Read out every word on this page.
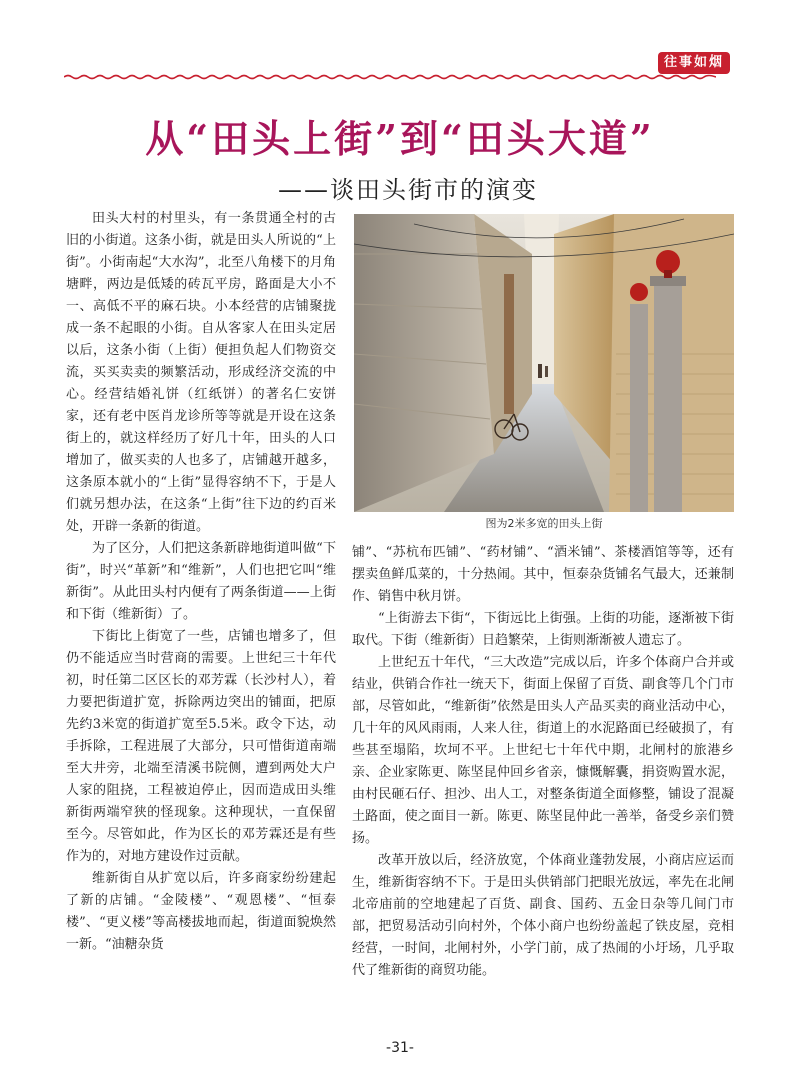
往事如烟
从“田头上街”到“田头大道”
——谈田头街市的演变

田头大村的村里头，有一条贯通全村的古旧的小街道。这条小街，就是田头人所说的“上街”。小街南起“大水沟”，北至八角楼下的月角塘畔，两边是低矮的砖瓦平房，路面是大小不一、高低不平的麻石块。小本经营的店铺聚拢成一条不起眼的小街。自从客家人在田头定居以后，这条小街（上街）便担负起人们物资交流，买买卖卖的频繁活动，形成经济交流的中心。经营结婚礼饼（红纸饼）的著名仁安饼家，还有老中医肖龙诊所等等就是开设在这条街上的，就这样经历了好几十年，田头的人口增加了，做买卖的人也多了，店铺越开越多，这条原本就小的“上街”显得容纳不下，于是人们就另想办法，在这条“上街”往下边的约百米处，开辟一条新的街道。

为了区分，人们把这条新辟地街道叫做“下街”，时兴“革新”和“维新”，人们也把它叫“维新街”。从此田头村内便有了两条街道——上街和下街（维新街）了。

下街比上街宽了一些，店铺也增多了，但仍不能适应当时营商的需要。上世纪三十年代初，时任第二区区长的邓芳霖（长沙村人），着力要把街道扩宽，拆除两边突出的铺面，把原先约3米宽的街道扩宽至5.5米。政令下达，动手拆除，工程进展了大部分，只可惜街道南端至大井旁，北端至清溪书院侧，遭到两处大户人家的阻挠，工程被迫停止，因而造成田头维新街两端窄狭的怪现象。这种现状，一直保留至今。尽管如此，作为区长的邓芳霖还是有些作为的，对地方建设作过贡献。

维新街自从扩宽以后，许多商家纷纷建起了新的店铺。“金陵楼”、“观恩楼”、“恒泰楼”、“更义楼”等高楼拔地而起，街道面貌焕然一新。“油糖杂货

图为2米多宽的田头上街

铺”、“苏杭布匹铺”、“药材铺”、“酒米铺”、茶楼酒馆等等，还有摆卖鱼鲜瓜菜的，十分热闹。其中，恒泰杂货铺名气最大，还兼制作、销售中秋月饼。

“上街游去下街“，下街远比上街强。上街的功能，逐渐被下街取代。下街（维新街）日趋繁荣，上街则渐渐被人遗忘了。

上世纪五十年代，“三大改造”完成以后，许多个体商户合并或结业，供销合作社一统天下，街面上保留了百货、副食等几个门市部，尽管如此，“维新街”依然是田头人产品买卖的商业活动中心，几十年的风风雨雨，人来人往，街道上的水泥路面已经破损了，有些甚至塌陷，坎坷不平。上世纪七十年代中期，北闸村的旅港乡亲、企业家陈更、陈坚昆仲回乡省亲，慷慨解囊，捐资购置水泥，由村民砸石仔、担沙、出人工，对整条街道全面修整，铺设了混凝土路面，使之面目一新。陈更、陈坚昆仲此一善举，备受乡亲们赞扬。

改革开放以后，经济放宽，个体商业蓬勃发展，小商店应运而生，维新街容纳不下。于是田头供销部门把眼光放远，率先在北闸北帝庙前的空地建起了百货、副食、国药、五金日杂等几间门市部，把贸易活动引向村外，个体小商户也纷纷盖起了铁皮屋，竞相经营，一时间，北闸村外，小学门前，成了热闹的小圩场，几乎取代了维新街的商贸功能。

-31-
